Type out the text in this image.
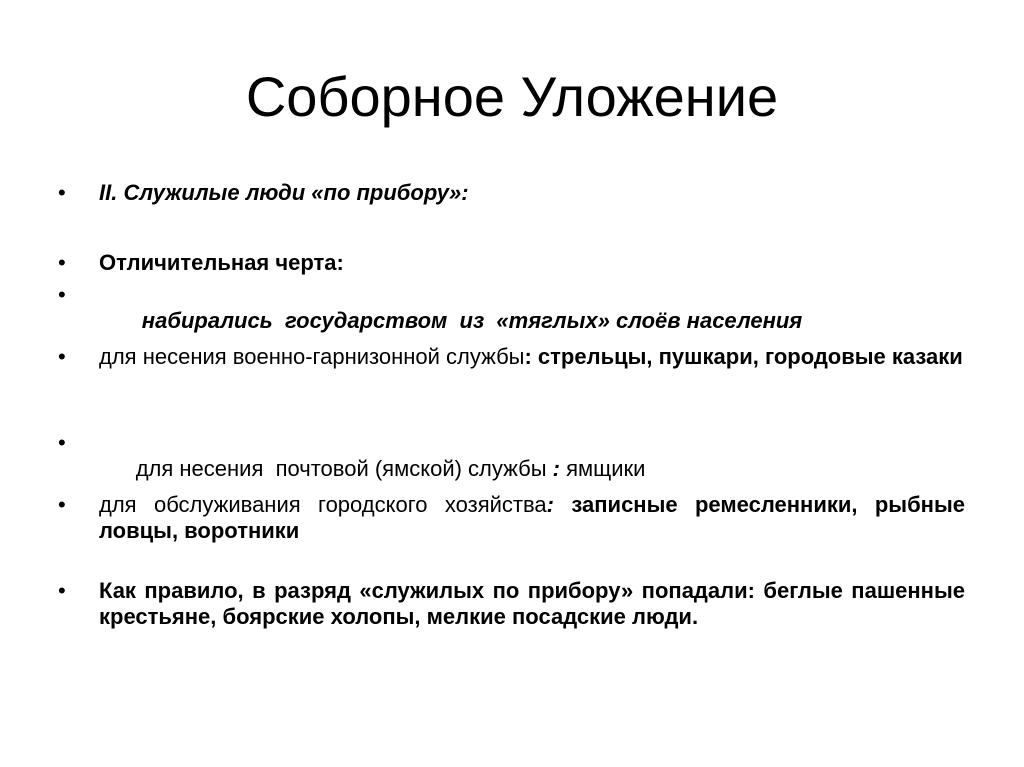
Соборное Уложение
• II. Служилые люди «по прибору»:
• Отличительная черта:
•

набирались  государством  из  «тяглых» слоёв населения

• для несения военно-гарнизонной службы: стрельцы, пушкари, городовые казаки
•

для несения  почтовой (ямской) службы : ямщики

• для обслуживания городского хозяйства: записные ремесленники, рыбные ловцы, воротники
• Как правило, в разряд «служилых по прибору» попадали: беглые пашенные крестьяне, боярские холопы, мелкие посадские люди.
